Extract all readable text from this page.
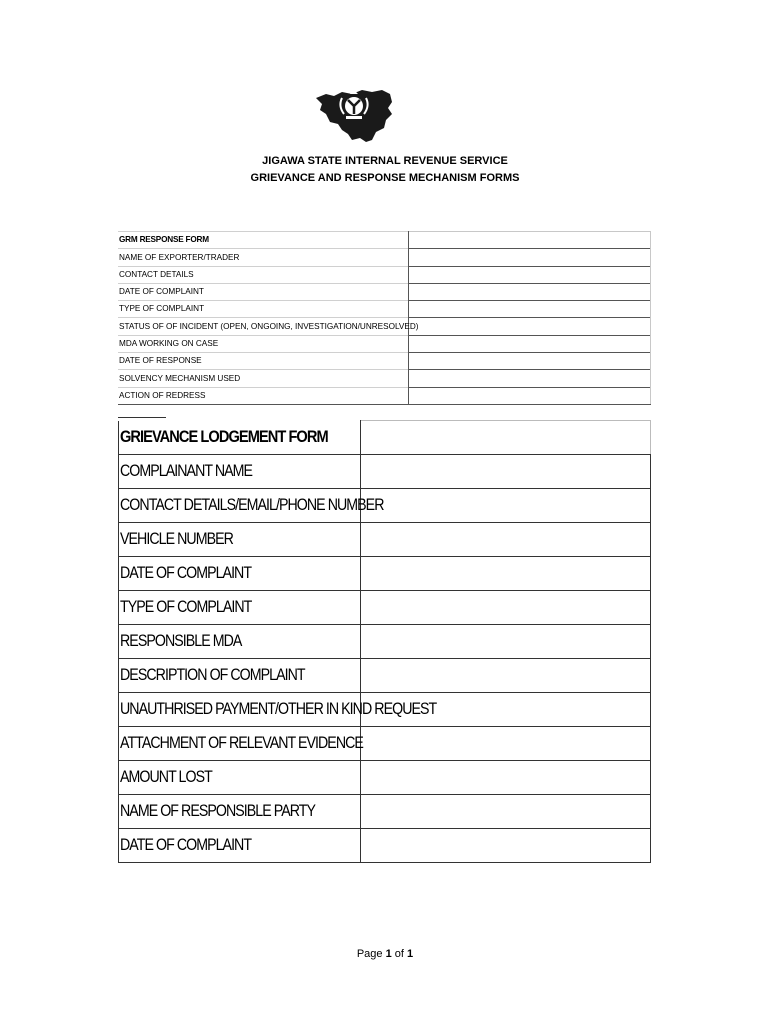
JIGAWA STATE INTERNAL REVENUE SERVICE
GRIEVANCE AND RESPONSE MECHANISM FORMS
GRM RESPONSE FORM	
NAME OF EXPORTER/TRADER	
CONTACT DETAILS	
DATE OF COMPLAINT	
TYPE OF COMPLAINT	
STATUS OF OF INCIDENT (OPEN, ONGOING, INVESTIGATION/UNRESOLVED)	
MDA WORKING ON CASE	
DATE OF RESPONSE	
SOLVENCY MECHANISM USED	
ACTION OF REDRESS	
GRIEVANCE LODGEMENT FORM	
COMPLAINANT NAME	
CONTACT DETAILS/EMAIL/PHONE NUMBER	
VEHICLE NUMBER	
DATE OF COMPLAINT	
TYPE OF COMPLAINT	
RESPONSIBLE MDA	
DESCRIPTION OF COMPLAINT	
UNAUTHRISED PAYMENT/OTHER IN KIND REQUEST	
ATTACHMENT OF RELEVANT EVIDENCE	
AMOUNT LOST	
NAME OF RESPONSIBLE PARTY	
DATE OF COMPLAINT	
Page 1 of 1
